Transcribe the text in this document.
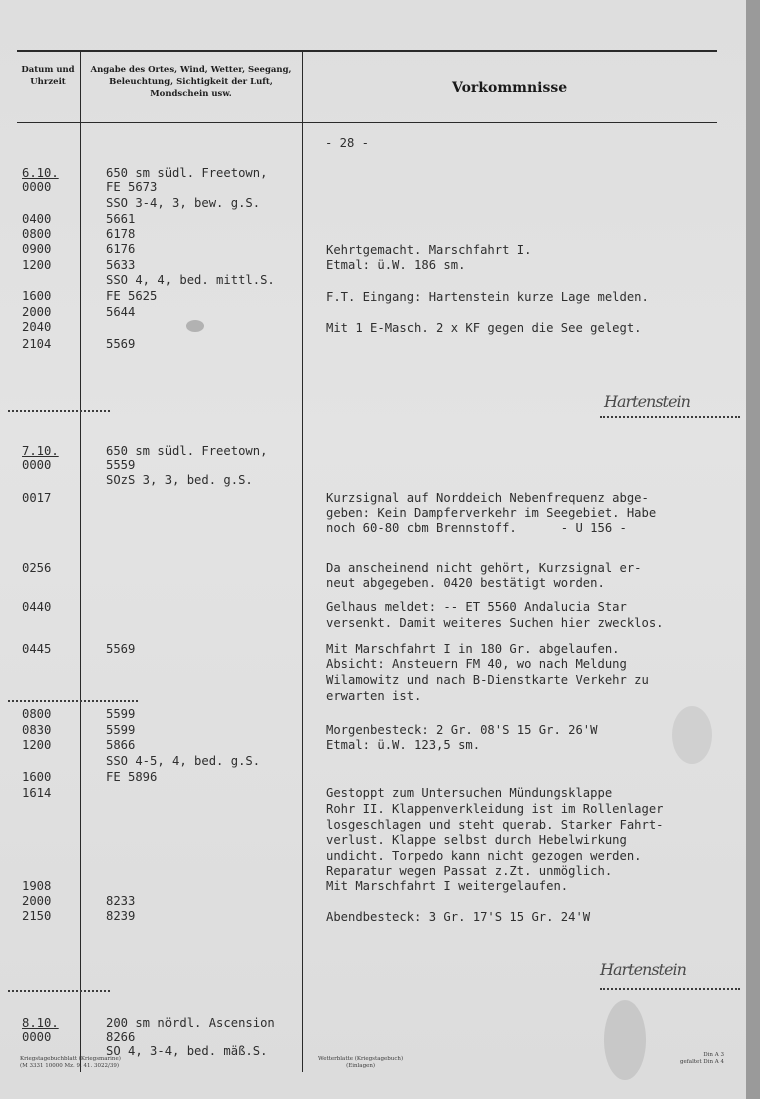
Datum und Uhrzeit
Angabe des Ortes, Wind, Wetter, Seegang, Beleuchtung, Sichtigkeit der Luft, Mondschein usw.	Vorkommnisse
- 28 -
6.10.
0000
0400
0800
0900
1200
1600
2000
2040
2104
7.10.
0000
0017
0256
0440
0445
0800
0830
1200
1600
1614
1908
2000
2150
8.10.
0000
650 sm südl. Freetown,
FE 5673
SSO 3-4, 3, bew. g.S.
5661
6178
6176
5633
SSO 4, 4, bed. mittl.S.
FE 5625
5644
5569
650 sm südl. Freetown,
5559
SOzS 3, 3, bed. g.S.
5569
5599
5599
5866
SSO 4-5, 4, bed. g.S.
FE 5896
8233
8239
200 sm nördl. Ascension
8266
SO 4, 3-4, bed. mäß.S.
Kehrtgemacht. Marschfahrt I.
Etmal: ü.W. 186 sm.
F.T. Eingang: Hartenstein kurze Lage melden.
Mit 1 E-Masch. 2 x KF gegen die See gelegt.
Kurzsignal auf Norddeich Nebenfrequenz abge-
geben: Kein Dampferverkehr im Seegebiet. Habe
noch 60-80 cbm Brennstoff.      - U 156 -
Da anscheinend nicht gehört, Kurzsignal er-
neut abgegeben. 0420 bestätigt worden.
Gelhaus meldet: -- ET 5560 Andalucia Star
versenkt. Damit weiteres Suchen hier zwecklos.
Mit Marschfahrt I in 180 Gr. abgelaufen.
Absicht: Ansteuern FM 40, wo nach Meldung
Wilamowitz und nach B-Dienstkarte Verkehr zu
erwarten ist.
Morgenbesteck: 2 Gr. 08'S 15 Gr. 26'W
Etmal: ü.W. 123,5 sm.
Gestoppt zum Untersuchen Mündungsklappe
Rohr II. Klappenverkleidung ist im Rollenlager
losgeschlagen und steht querab. Starker Fahrt-
verlust. Klappe selbst durch Hebelwirkung
undicht. Torpedo kann nicht gezogen werden.
Reparatur wegen Passat z.Zt. unmöglich.
Mit Marschfahrt I weitergelaufen.
Abendbesteck: 3 Gr. 17'S 15 Gr. 24'W
Hartenstein
Hartenstein
Kriegstagebuchblatt (Kriegsmarine)
(M 3331 10000 Mz. 9. 41. 3022/39)
Wetterblatte (Kriegstagebuch)
(Einlagen)
Din A 3
gefaltet Din A 4
